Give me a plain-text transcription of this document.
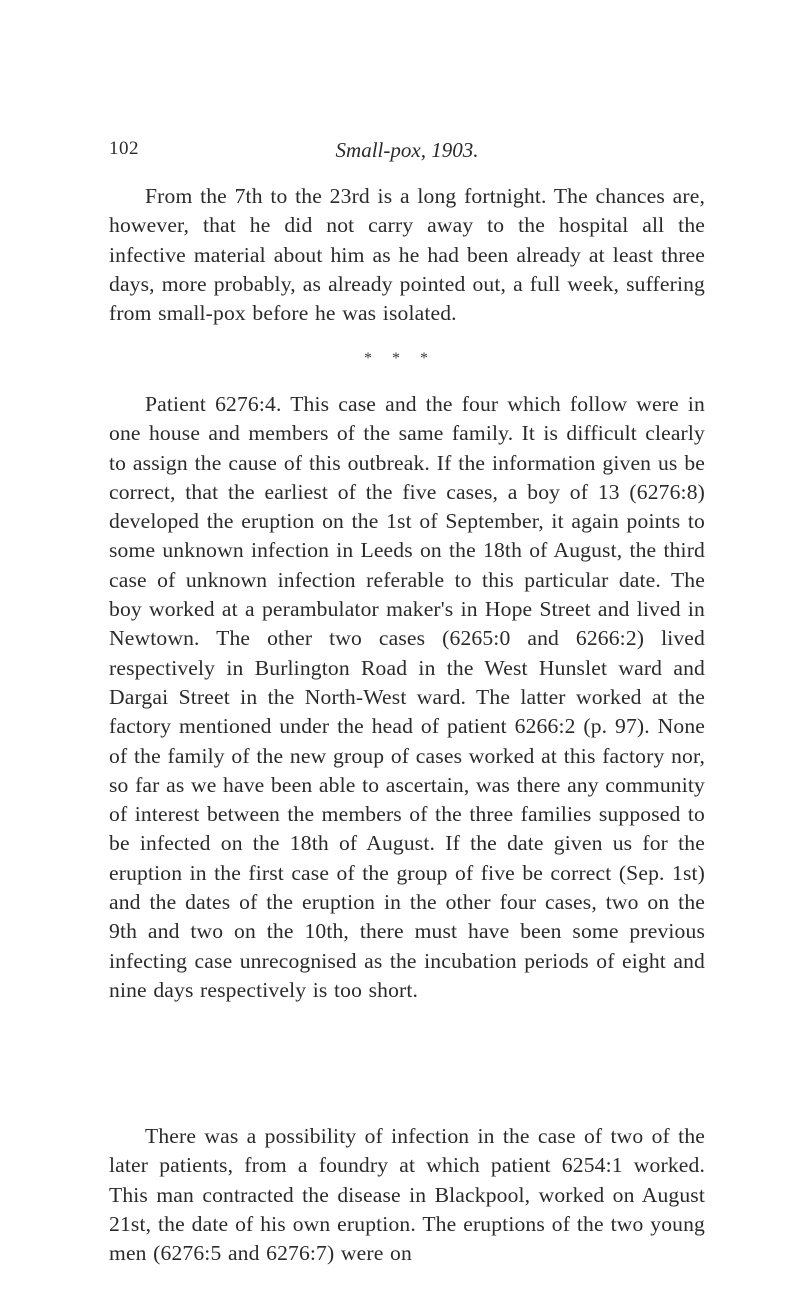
102	Small-pox, 1903.

From the 7th to the 23rd is a long fortnight. The chances are, however, that he did not carry away to the hospital all the infective material about him as he had been already at least three days, more probably, as already pointed out, a full week, suffering from small-pox before he was isolated.

* * *

Patient 6276:4. This case and the four which follow were in one house and members of the same family. It is difficult clearly to assign the cause of this outbreak. If the information given us be correct, that the earliest of the five cases, a boy of 13 (6276:8) developed the eruption on the 1st of September, it again points to some unknown infection in Leeds on the 18th of August, the third case of unknown infection referable to this particular date. The boy worked at a perambulator maker's in Hope Street and lived in Newtown. The other two cases (6265:0 and 6266:2) lived respectively in Burlington Road in the West Hunslet ward and Dargai Street in the North-West ward. The latter worked at the factory mentioned under the head of patient 6266:2 (p. 97). None of the family of the new group of cases worked at this factory nor, so far as we have been able to ascertain, was there any community of interest between the members of the three families supposed to be infected on the 18th of August. If the date given us for the eruption in the first case of the group of five be correct (Sep. 1st) and the dates of the eruption in the other four cases, two on the 9th and two on the 10th, there must have been some previous infecting case unrecognised as the incubation periods of eight and nine days respectively is too short.

There was a possibility of infection in the case of two of the later patients, from a foundry at which patient 6254:1 worked. This man contracted the disease in Blackpool, worked on August 21st, the date of his own eruption. The eruptions of the two young men (6276:5 and 6276:7) were on
